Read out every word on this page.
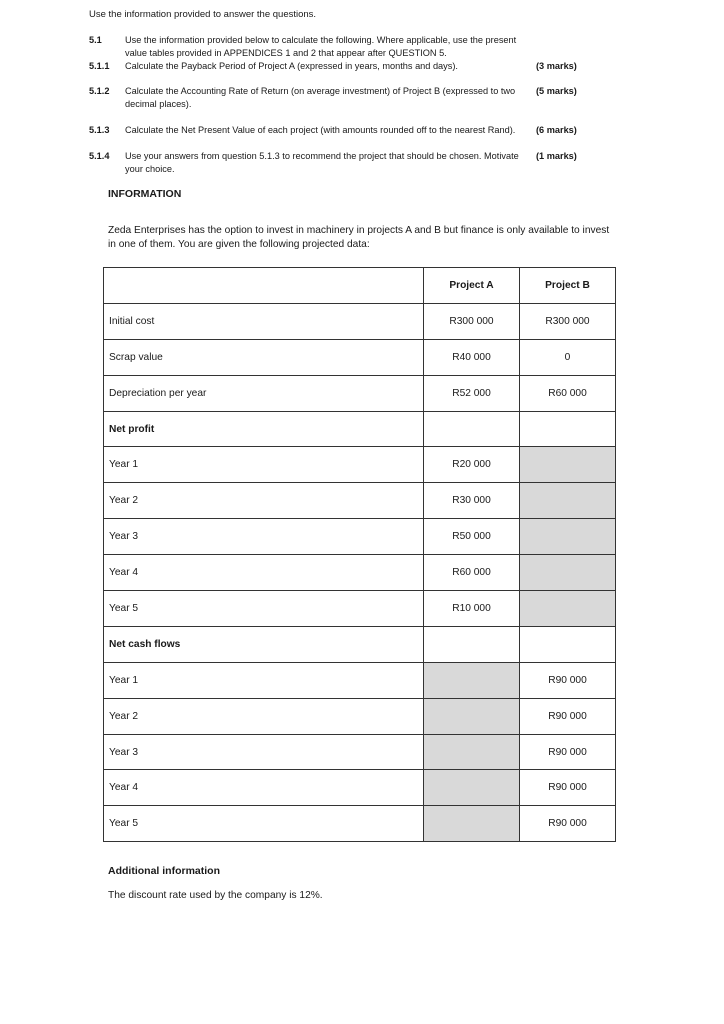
Use the information provided to answer the questions.
5.1	Use the information provided below to calculate the following. Where applicable, use the present value tables provided in APPENDICES 1 and 2 that appear after QUESTION 5.
5.1.1 Calculate the Payback Period of Project A (expressed in years, months and days).	(3 marks)
5.1.2 Calculate the Accounting Rate of Return (on average investment) of Project B (expressed to two decimal places).
(5 marks)
5.1.3 Calculate the Net Present Value of each project (with amounts rounded off to the nearest Rand).	(6 marks)
5.1.4 Use your answers from question 5.1.3 to recommend the project that should be chosen. Motivate your choice.
(1 marks)
INFORMATION
Zeda Enterprises has the option to invest in machinery in projects A and B but finance is only available to invest in one of them. You are given the following projected data:
	Project A	Project B
Initial cost	R300 000	R300 000
Scrap value	R40 000	0
Depreciation per year	R52 000	R60 000
Net profit		
Year 1	R20 000	
Year 2	R30 000	
Year 3	R50 000	
Year 4	R60 000	
Year 5	R10 000	
Net cash flows		
Year 1		R90 000
Year 2		R90 000
Year 3		R90 000
Year 4		R90 000
Year 5		R90 000
Additional information
The discount rate used by the company is 12%.
